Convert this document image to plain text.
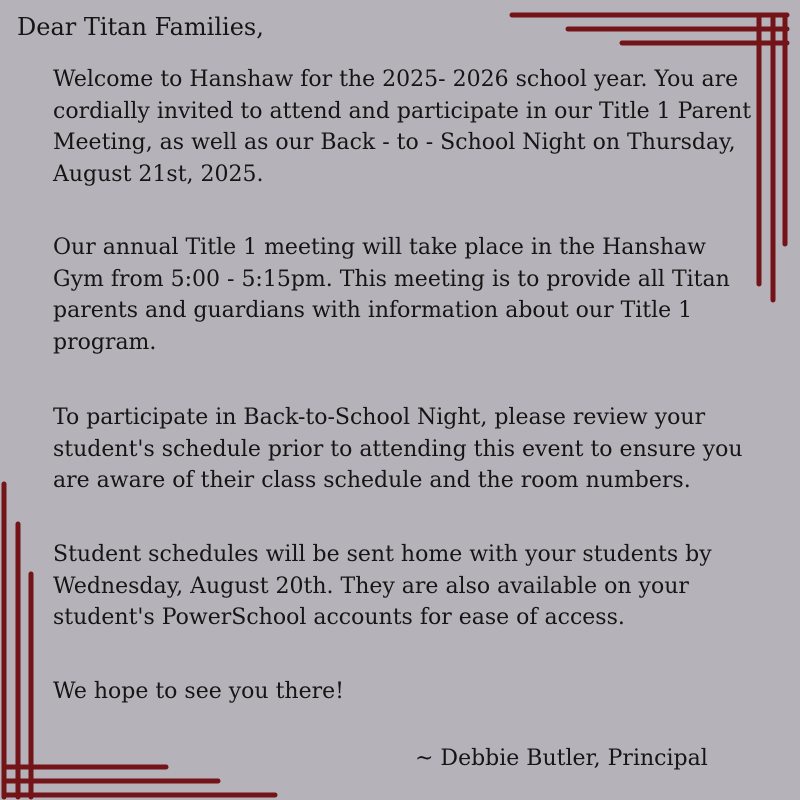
Dear Titan Families,

Welcome to Hanshaw for the 2025- 2026 school year. You are
cordially invited to attend and participate in our Title 1 Parent
Meeting, as well as our Back - to - School Night on Thursday,
August 21st, 2025.

Our annual Title 1 meeting will take place in the Hanshaw
Gym from 5:00 - 5:15pm. This meeting is to provide all Titan
parents and guardians with information about our Title 1
program.

To participate in Back-to-School Night, please review your
student's schedule prior to attending this event to ensure you
are aware of their class schedule and the room numbers.

Student schedules will be sent home with your students by
Wednesday, August 20th. They are also available on your
student's PowerSchool accounts for ease of access.

We hope to see you there!

~ Debbie Butler, Principal
